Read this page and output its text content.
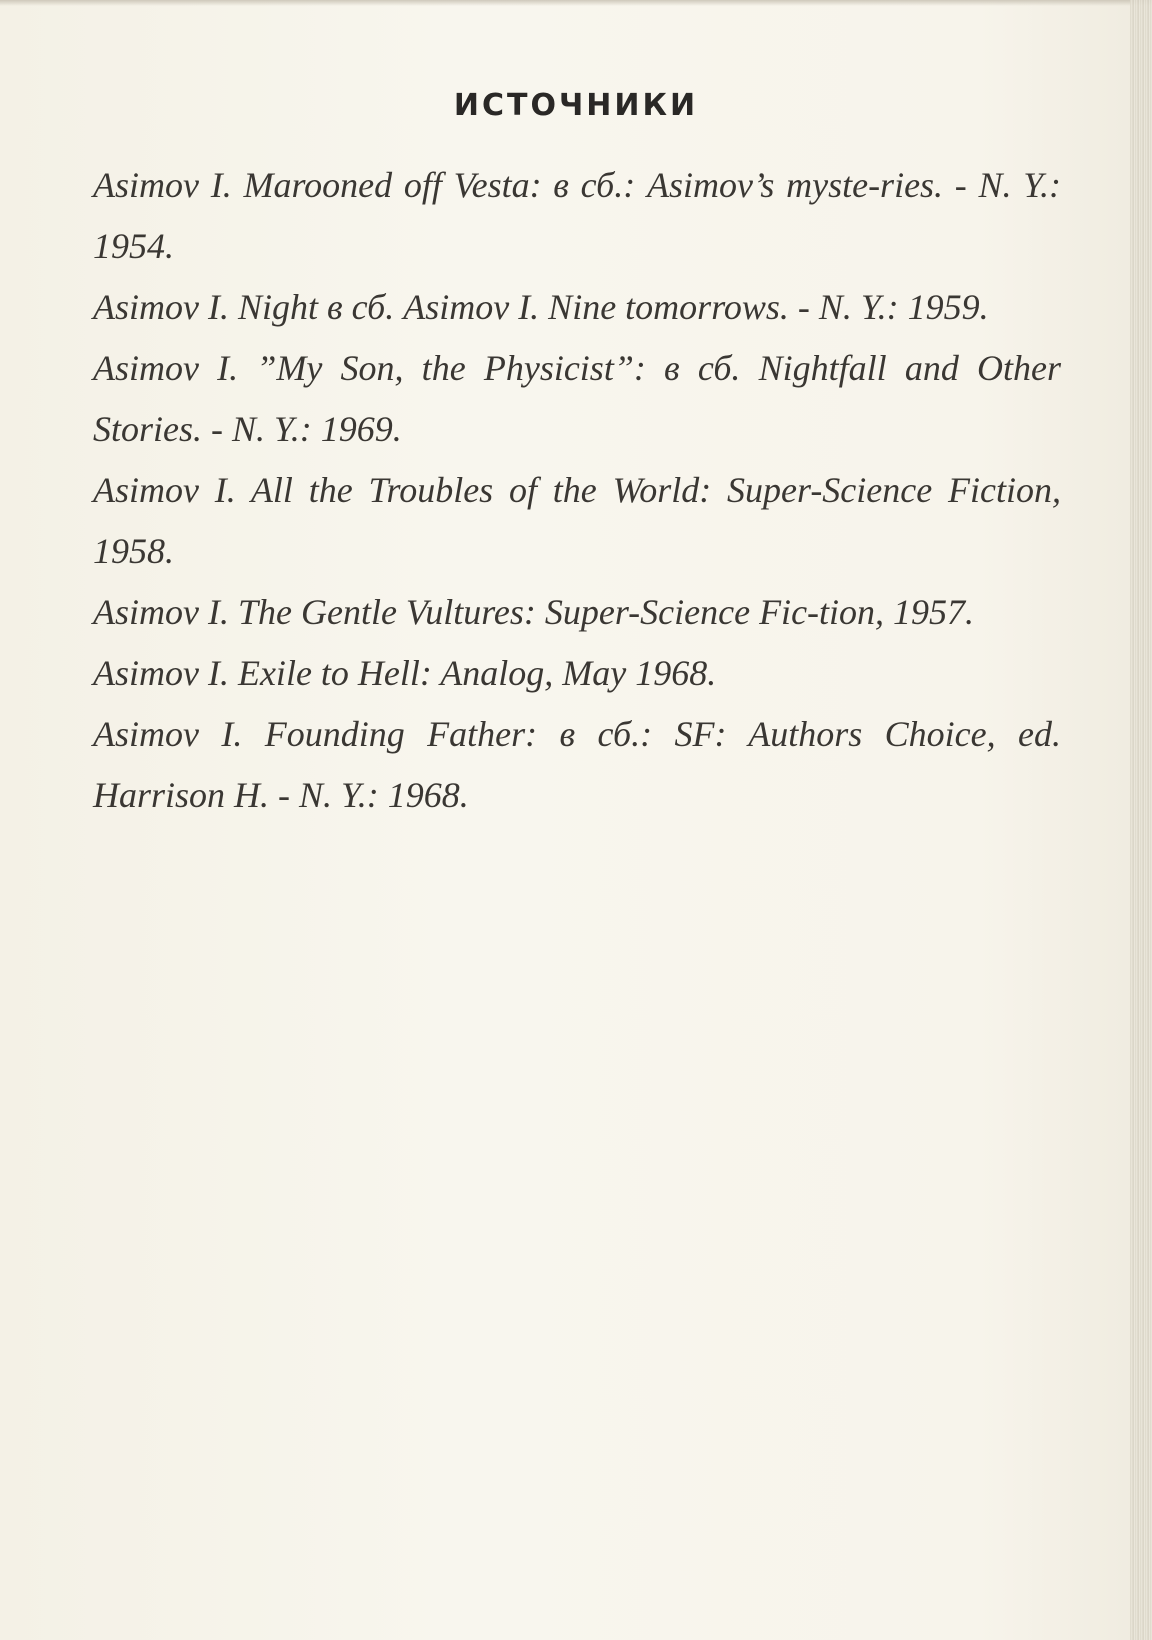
ИСТОЧНИКИ

Asimov I. Marooned off Vesta: в сб.: Asimov’s myste-ries. - N. Y.: 1954.

Asimov I. Night в сб. Asimov I. Nine tomorrows. - N. Y.: 1959.

Asimov I. ”My Son, the Physicist”: в сб. Nightfall and Other Stories. - N. Y.: 1969.

Asimov I. All the Troubles of the World: Super-Science Fiction, 1958.

Asimov I. The Gentle Vultures: Super-Science Fic-tion, 1957.

Asimov I. Exile to Hell: Analog, May 1968.

Asimov I. Founding Father: в сб.: SF: Authors Choice, ed. Harrison H. - N. Y.: 1968.
